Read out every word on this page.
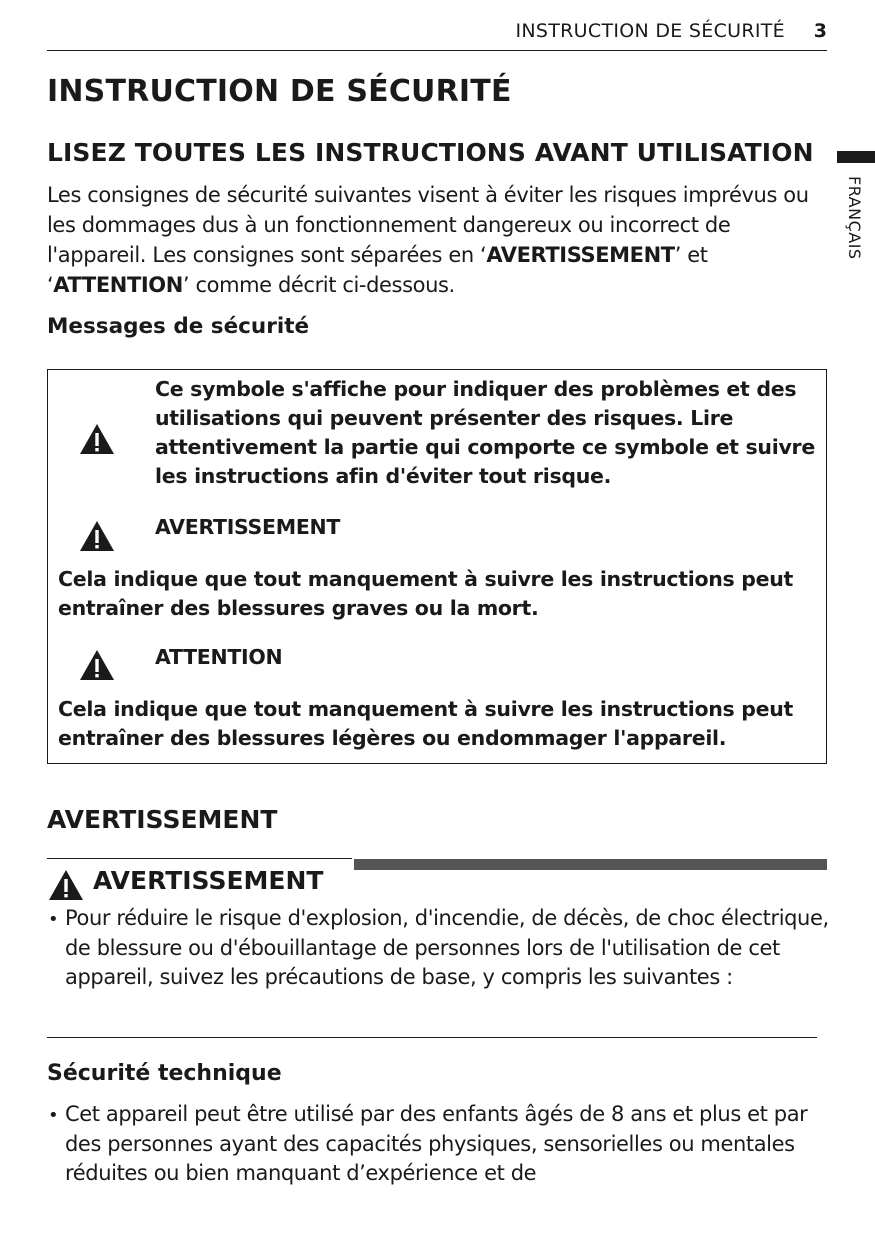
INSTRUCTION DE SÉCURITÉ 3
FRANÇAIS
INSTRUCTION DE SÉCURITÉ
LISEZ TOUTES LES INSTRUCTIONS AVANT UTILISATION

Les consignes de sécurité suivantes visent à éviter les risques imprévus ou les dommages dus à un fonctionnement dangereux ou incorrect de l'appareil. Les consignes sont séparées en ‘AVERTISSEMENT’ et ‘ATTENTION’ comme décrit ci-dessous.

Messages de sécurité

Ce symbole s'affiche pour indiquer des problèmes et des utilisations qui peuvent présenter des risques. Lire attentivement la partie qui comporte ce symbole et suivre les instructions afin d'éviter tout risque.

AVERTISSEMENT

Cela indique que tout manquement à suivre les instructions peut entraîner des blessures graves ou la mort.

ATTENTION

Cela indique que tout manquement à suivre les instructions peut entraîner des blessures légères ou endommager l'appareil.

AVERTISSEMENT

AVERTISSEMENT

• Pour réduire le risque d'explosion, d'incendie, de décès, de choc électrique, de blessure ou d'ébouillantage de personnes lors de l'utilisation de cet appareil, suivez les précautions de base, y compris les suivantes :

Sécurité technique
• Cet appareil peut être utilisé par des enfants âgés de 8 ans et plus et par des personnes ayant des capacités physiques, sensorielles ou mentales réduites ou bien manquant d’expérience et de
